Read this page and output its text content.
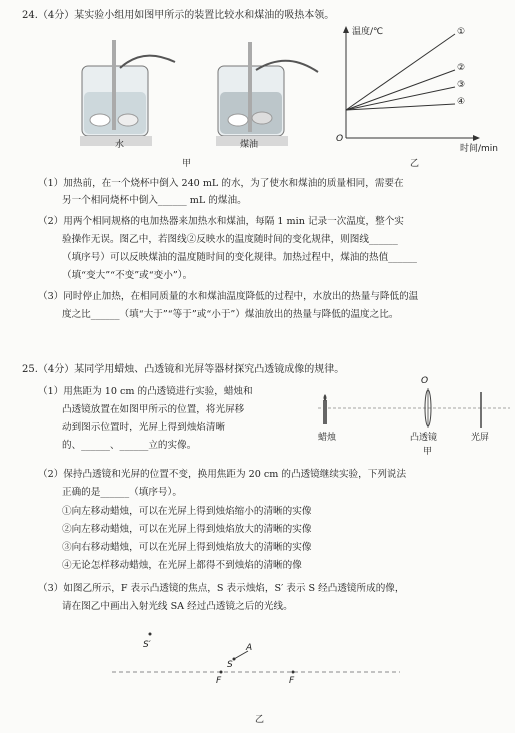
24.（4分）某实验小组用如图甲所示的装置比较水和煤油的吸热本领。
水	煤油
甲	乙
温度/℃
时间/min
O
①
②
③
④
（1）加热前，在一个烧杯中倒入 240 mL 的水，为了使水和煤油的质量相同，需要在
另一个相同烧杯中倒入______ mL 的煤油。
（2）用两个相同规格的电加热器来加热水和煤油，每隔 1 min 记录一次温度，整个实
验操作无误。图乙中，若图线②反映水的温度随时间的变化规律，则图线______
（填序号）可以反映煤油的温度随时间的变化规律。加热过程中，煤油的热值______
（填“变大”“不变”或“变小”）。
（3）同时停止加热，在相同质量的水和煤油温度降低的过程中，水放出的热量与降低的温
度之比______（填“大于”“等于”或“小于”）煤油放出的热量与降低的温度之比。
25.（4分）某同学用蜡烛、凸透镜和光屏等器材探究凸透镜成像的规律。
（1）用焦距为 10 cm 的凸透镜进行实验，蜡烛和
凸透镜放置在如图甲所示的位置，将光屏移
动到图示位置时，光屏上得到烛焰清晰
的、______、______立的实像。
O
蜡烛	凸透镜	光屏
甲
（2）保持凸透镜和光屏的位置不变，换用焦距为 20 cm 的凸透镜继续实验，下列说法
正确的是______（填序号）。
①向左移动蜡烛，可以在光屏上得到烛焰缩小的清晰的实像
②向左移动蜡烛，可以在光屏上得到烛焰放大的清晰的实像
③向右移动蜡烛，可以在光屏上得到烛焰放大的清晰的实像
④无论怎样移动蜡烛，在光屏上都得不到烛焰的清晰的像
（3）如图乙所示，F 表示凸透镜的焦点，S 表示烛焰，S′ 表示 S 经凸透镜所成的像，
请在图乙中画出入射光线 SA 经过凸透镜之后的光线。
S′
S
A
F	F
乙
